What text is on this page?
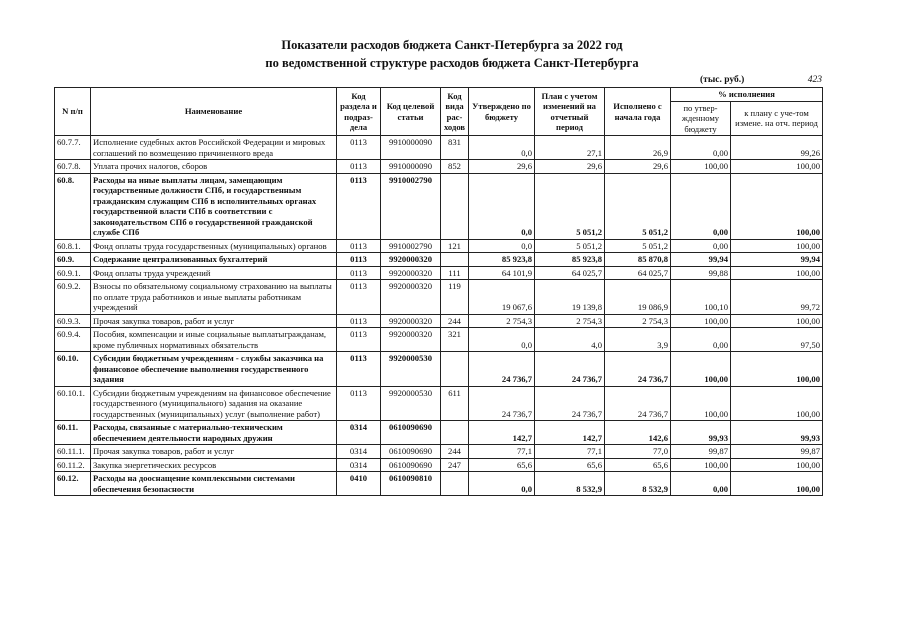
Показатели расходов бюджета Санкт-Петербурга за 2022 год
по ведомственной структуре расходов бюджета Санкт-Петербурга
(тыс. руб.)	423
N п/п	Наименование	Код раздела и подраз-дела	Код целевой статьи	Код вида рас-ходов	Утверждено по бюджету	План с учетом изменений на отчетный период	Исполнено с начала года	% исполнения	
								по утвер-жденному бюджету	к плану с уче-том измене. на отч. период
60.7.7.	Исполнение судебных актов Российской Федерации и мировых соглашений по возмещению причиненного вреда	0113	9910000090	831	0,0	27,1	26,9	0,00	99,26
60.7.8.	Уплата прочих налогов, сборов	0113	9910000090	852	29,6	29,6	29,6	100,00	100,00
60.8.	Расходы на иные выплаты лицам, замещающим государственные должности СПб, и государственным гражданским служащим СПб в исполнительных органах государственной власти СПб в соответствии с законодательством СПб о государственной гражданской службе СПб	0113	9910002790		0,0	5 051,2	5 051,2	0,00	100,00
60.8.1.	Фонд оплаты труда государственных (муниципальных) органов	0113	9910002790	121	0,0	5 051,2	5 051,2	0,00	100,00
60.9.	Содержание централизованных бухгалтерий	0113	9920000320		85 923,8	85 923,8	85 870,8	99,94	99,94
60.9.1.	Фонд оплаты труда учреждений	0113	9920000320	111	64 101,9	64 025,7	64 025,7	99,88	100,00
60.9.2.	Взносы по обязательному социальному страхованию на выплаты по оплате труда работников и иные выплаты работникам учреждений	0113	9920000320	119	19 067,6	19 139,8	19 086,9	100,10	99,72
60.9.3.	Прочая закупка товаров, работ и услуг	0113	9920000320	244	2 754,3	2 754,3	2 754,3	100,00	100,00
60.9.4.	Пособия, компенсации и иные социальные выплатыгражданам, кроме публичных нормативных обязательств	0113	9920000320	321	0,0	4,0	3,9	0,00	97,50
60.10.	Субсидии бюджетным учреждениям - службы заказчика на финансовое обеспечение выполнения государственного задания	0113	9920000530		24 736,7	24 736,7	24 736,7	100,00	100,00
60.10.1.	Субсидии бюджетным учреждениям на финансовое обеспечение государственного (муниципального) задания на оказание государственных (муниципальных) услуг (выполнение работ)	0113	9920000530	611	24 736,7	24 736,7	24 736,7	100,00	100,00
60.11.	Расходы, связанные с материально-техническим обеспечением деятельности народных дружин	0314	0610090690		142,7	142,7	142,6	99,93	99,93
60.11.1.	Прочая закупка товаров, работ и услуг	0314	0610090690	244	77,1	77,1	77,0	99,87	99,87
60.11.2.	Закупка энергетических ресурсов	0314	0610090690	247	65,6	65,6	65,6	100,00	100,00
60.12.	Расходы на дооснащение комплексными системами обеспечения безопасности	0410	0610090810		0,0	8 532,9	8 532,9	0,00	100,00
